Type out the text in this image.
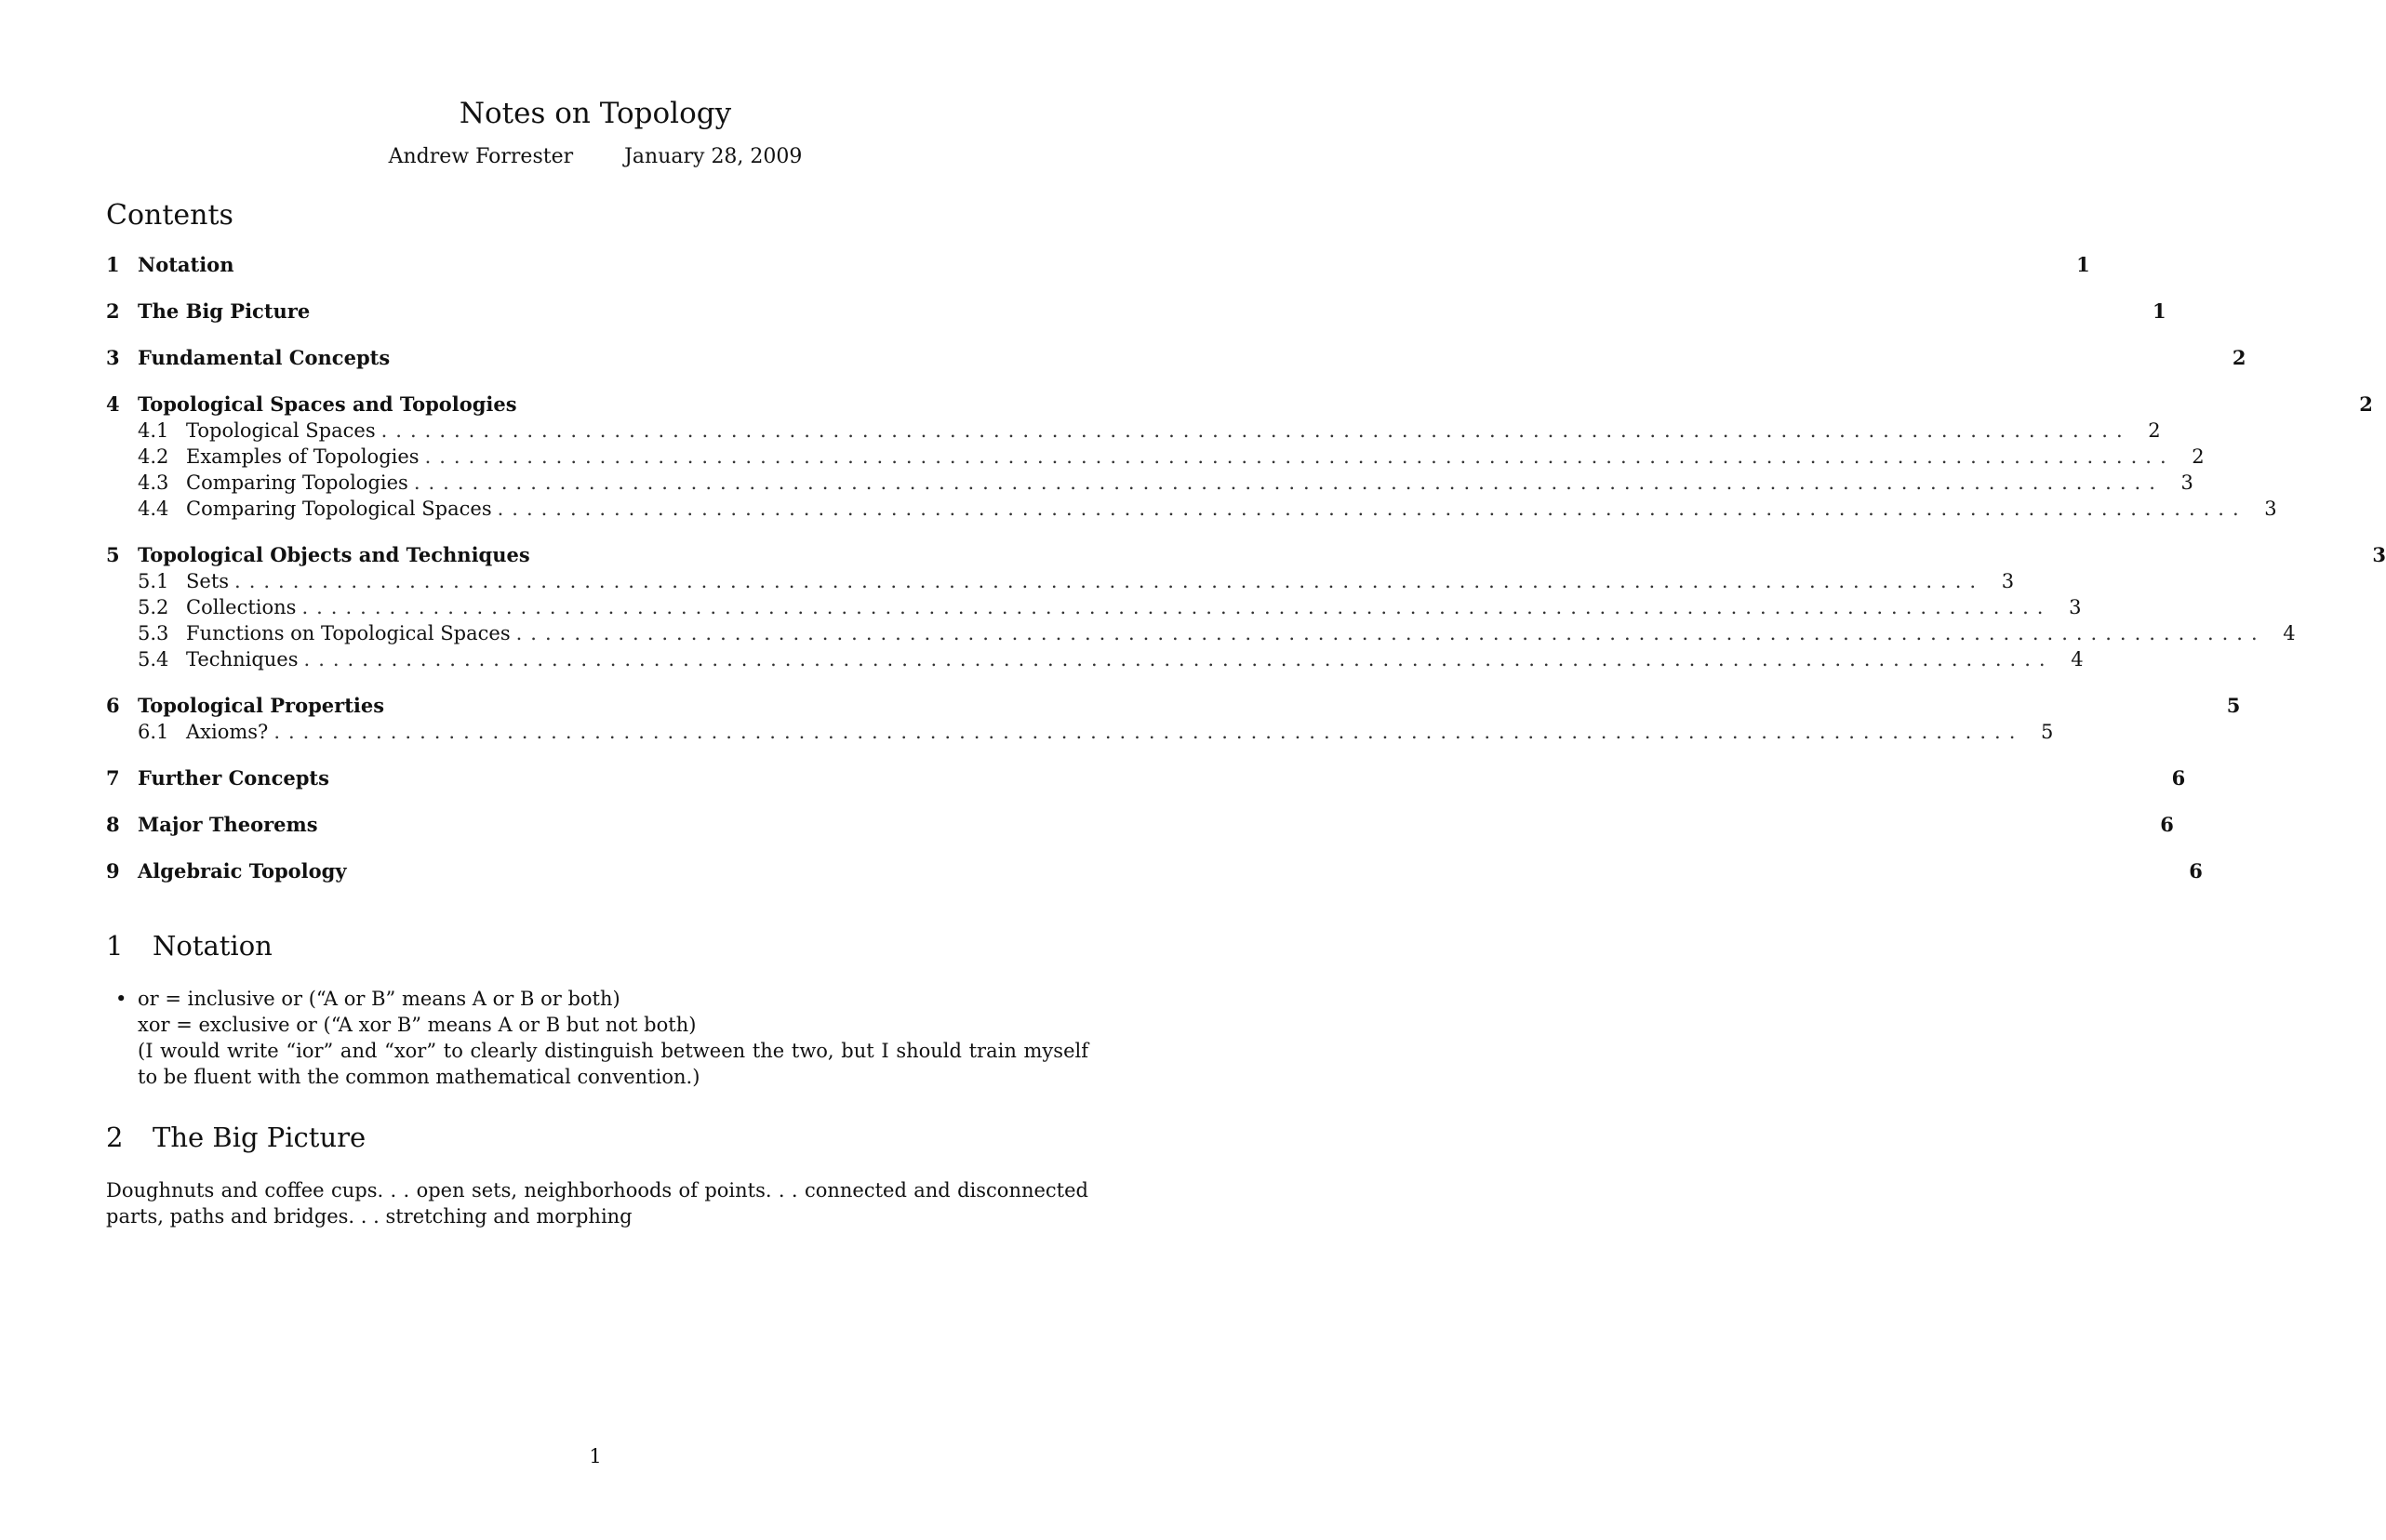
Notes on Topology
Andrew Forrester	January 28, 2009
Contents
1 Notation	1
2 The Big Picture	1
3 Fundamental Concepts	2
4 Topological Spaces and Topologies	2
4.1 Topological Spaces ........................................................................................................................ 2
4.2 Examples of Topologies ........................................................................................................................ 2
4.3 Comparing Topologies ........................................................................................................................ 3
4.4 Comparing Topological Spaces ........................................................................................................................ 3
5 Topological Objects and Techniques	3
5.1 Sets ........................................................................................................................ 3
5.2 Collections ........................................................................................................................ 3
5.3 Functions on Topological Spaces ........................................................................................................................ 4
5.4 Techniques ........................................................................................................................ 4
6 Topological Properties	5
6.1 Axioms? ........................................................................................................................ 5
7 Further Concepts	6
8 Major Theorems	6
9 Algebraic Topology	6
1 Notation
• or = inclusive or (“A or B” means A or B or both)
xor = exclusive or (“A xor B” means A or B but not both)
(I would write “ior” and “xor” to clearly distinguish between the two, but I should train myself to be fluent with the common mathematical convention.)
2 The Big Picture
Doughnuts and coffee cups. . . open sets, neighborhoods of points. . . connected and disconnected parts, paths and bridges. . . stretching and morphing
1
